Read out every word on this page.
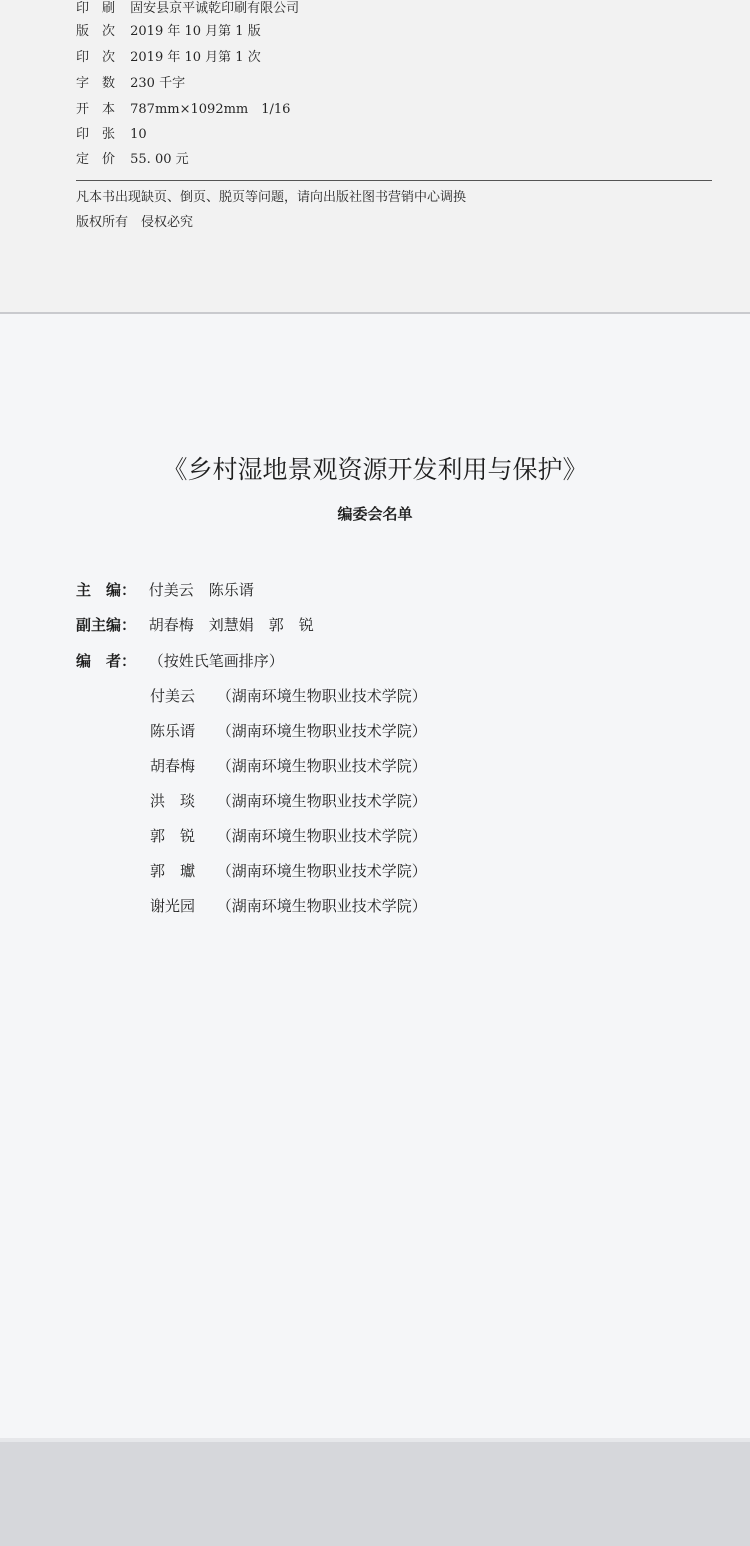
印　刷 固安县京平诚乾印刷有限公司
版　次 2019 年 10 月第 1 版
印　次 2019 年 10 月第 1 次
字　数 230 千字
开　本 787mm×1092mm　1/16
印　张 10
定　价 55. 00 元
凡本书出现缺页、倒页、脱页等问题，请向出版社图书营销中心调换
版权所有　侵权必究
《乡村湿地景观资源开发利用与保护》
编委会名单
主　编： 付美云　陈乐谞
副主编： 胡春梅　刘慧娟　郭　锐
编　者： （按姓氏笔画排序）
付美云 （湖南环境生物职业技术学院）
陈乐谞 （湖南环境生物职业技术学院）
胡春梅 （湖南环境生物职业技术学院）
洪　琰 （湖南环境生物职业技术学院）
郭　锐 （湖南环境生物职业技术学院）
郭　瓛 （湖南环境生物职业技术学院）
谢光园 （湖南环境生物职业技术学院）
